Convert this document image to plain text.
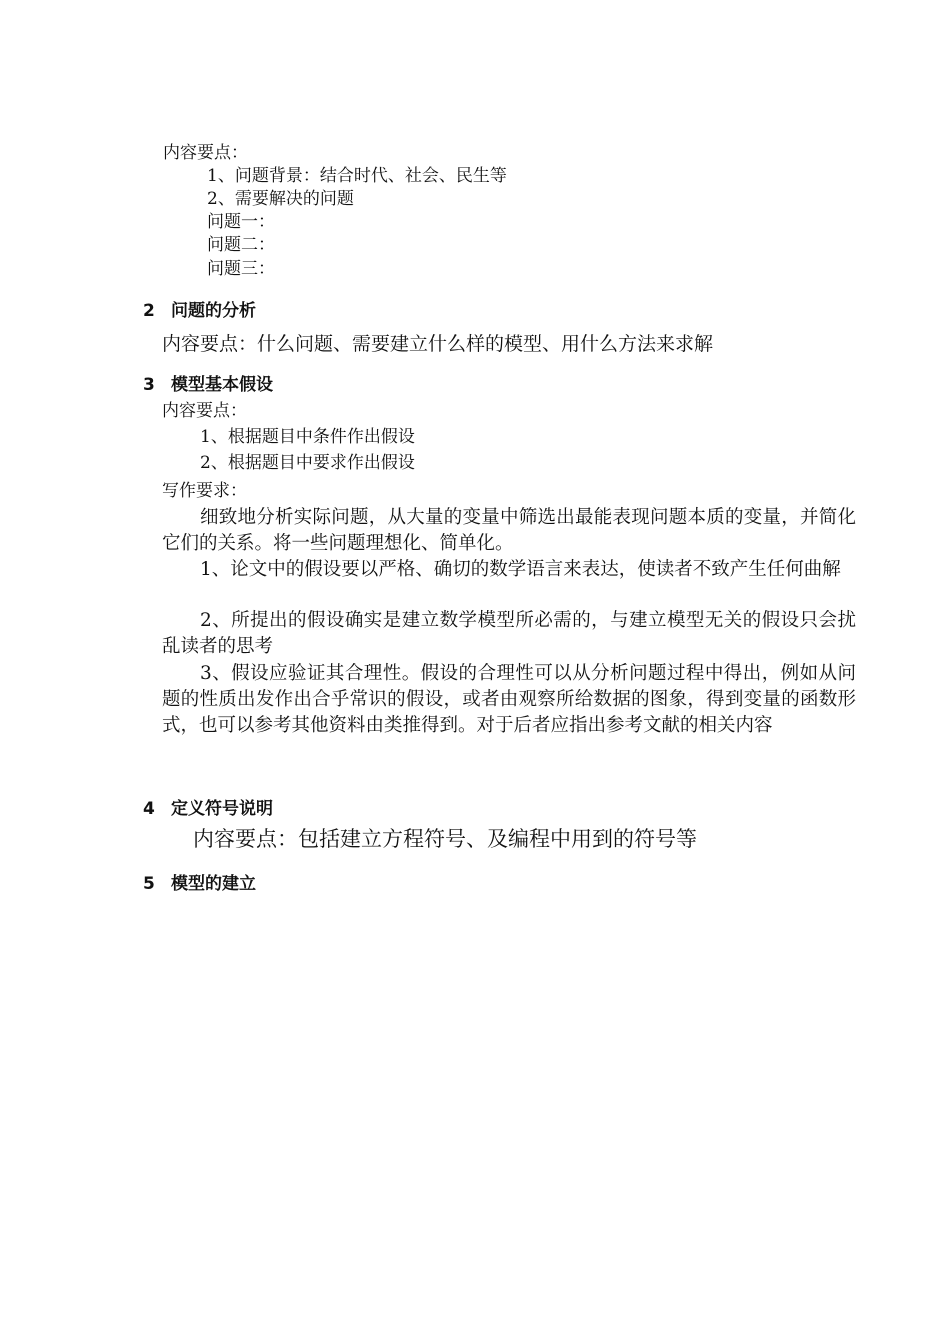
内容要点：
1、问题背景：结合时代、社会、民生等
2、需要解决的问题
问题一：
问题二：
问题三：
2 问题的分析
内容要点：什么问题、需要建立什么样的模型、用什么方法来求解
3 模型基本假设
内容要点：
1、根据题目中条件作出假设
2、根据题目中要求作出假设
写作要求：
细致地分析实际问题，从大量的变量中筛选出最能表现问题本质的变量，并简化它们的关系。将一些问题理想化、简单化。
1、论文中的假设要以严格、确切的数学语言来表达，使读者不致产生任何曲解
2、所提出的假设确实是建立数学模型所必需的，与建立模型无关的假设只会扰乱读者的思考
3、假设应验证其合理性。假设的合理性可以从分析问题过程中得出，例如从问题的性质出发作出合乎常识的假设，或者由观察所给数据的图象，得到变量的函数形式，也可以参考其他资料由类推得到。对于后者应指出参考文献的相关内容
4 定义符号说明
内容要点：包括建立方程符号、及编程中用到的符号等
5 模型的建立
